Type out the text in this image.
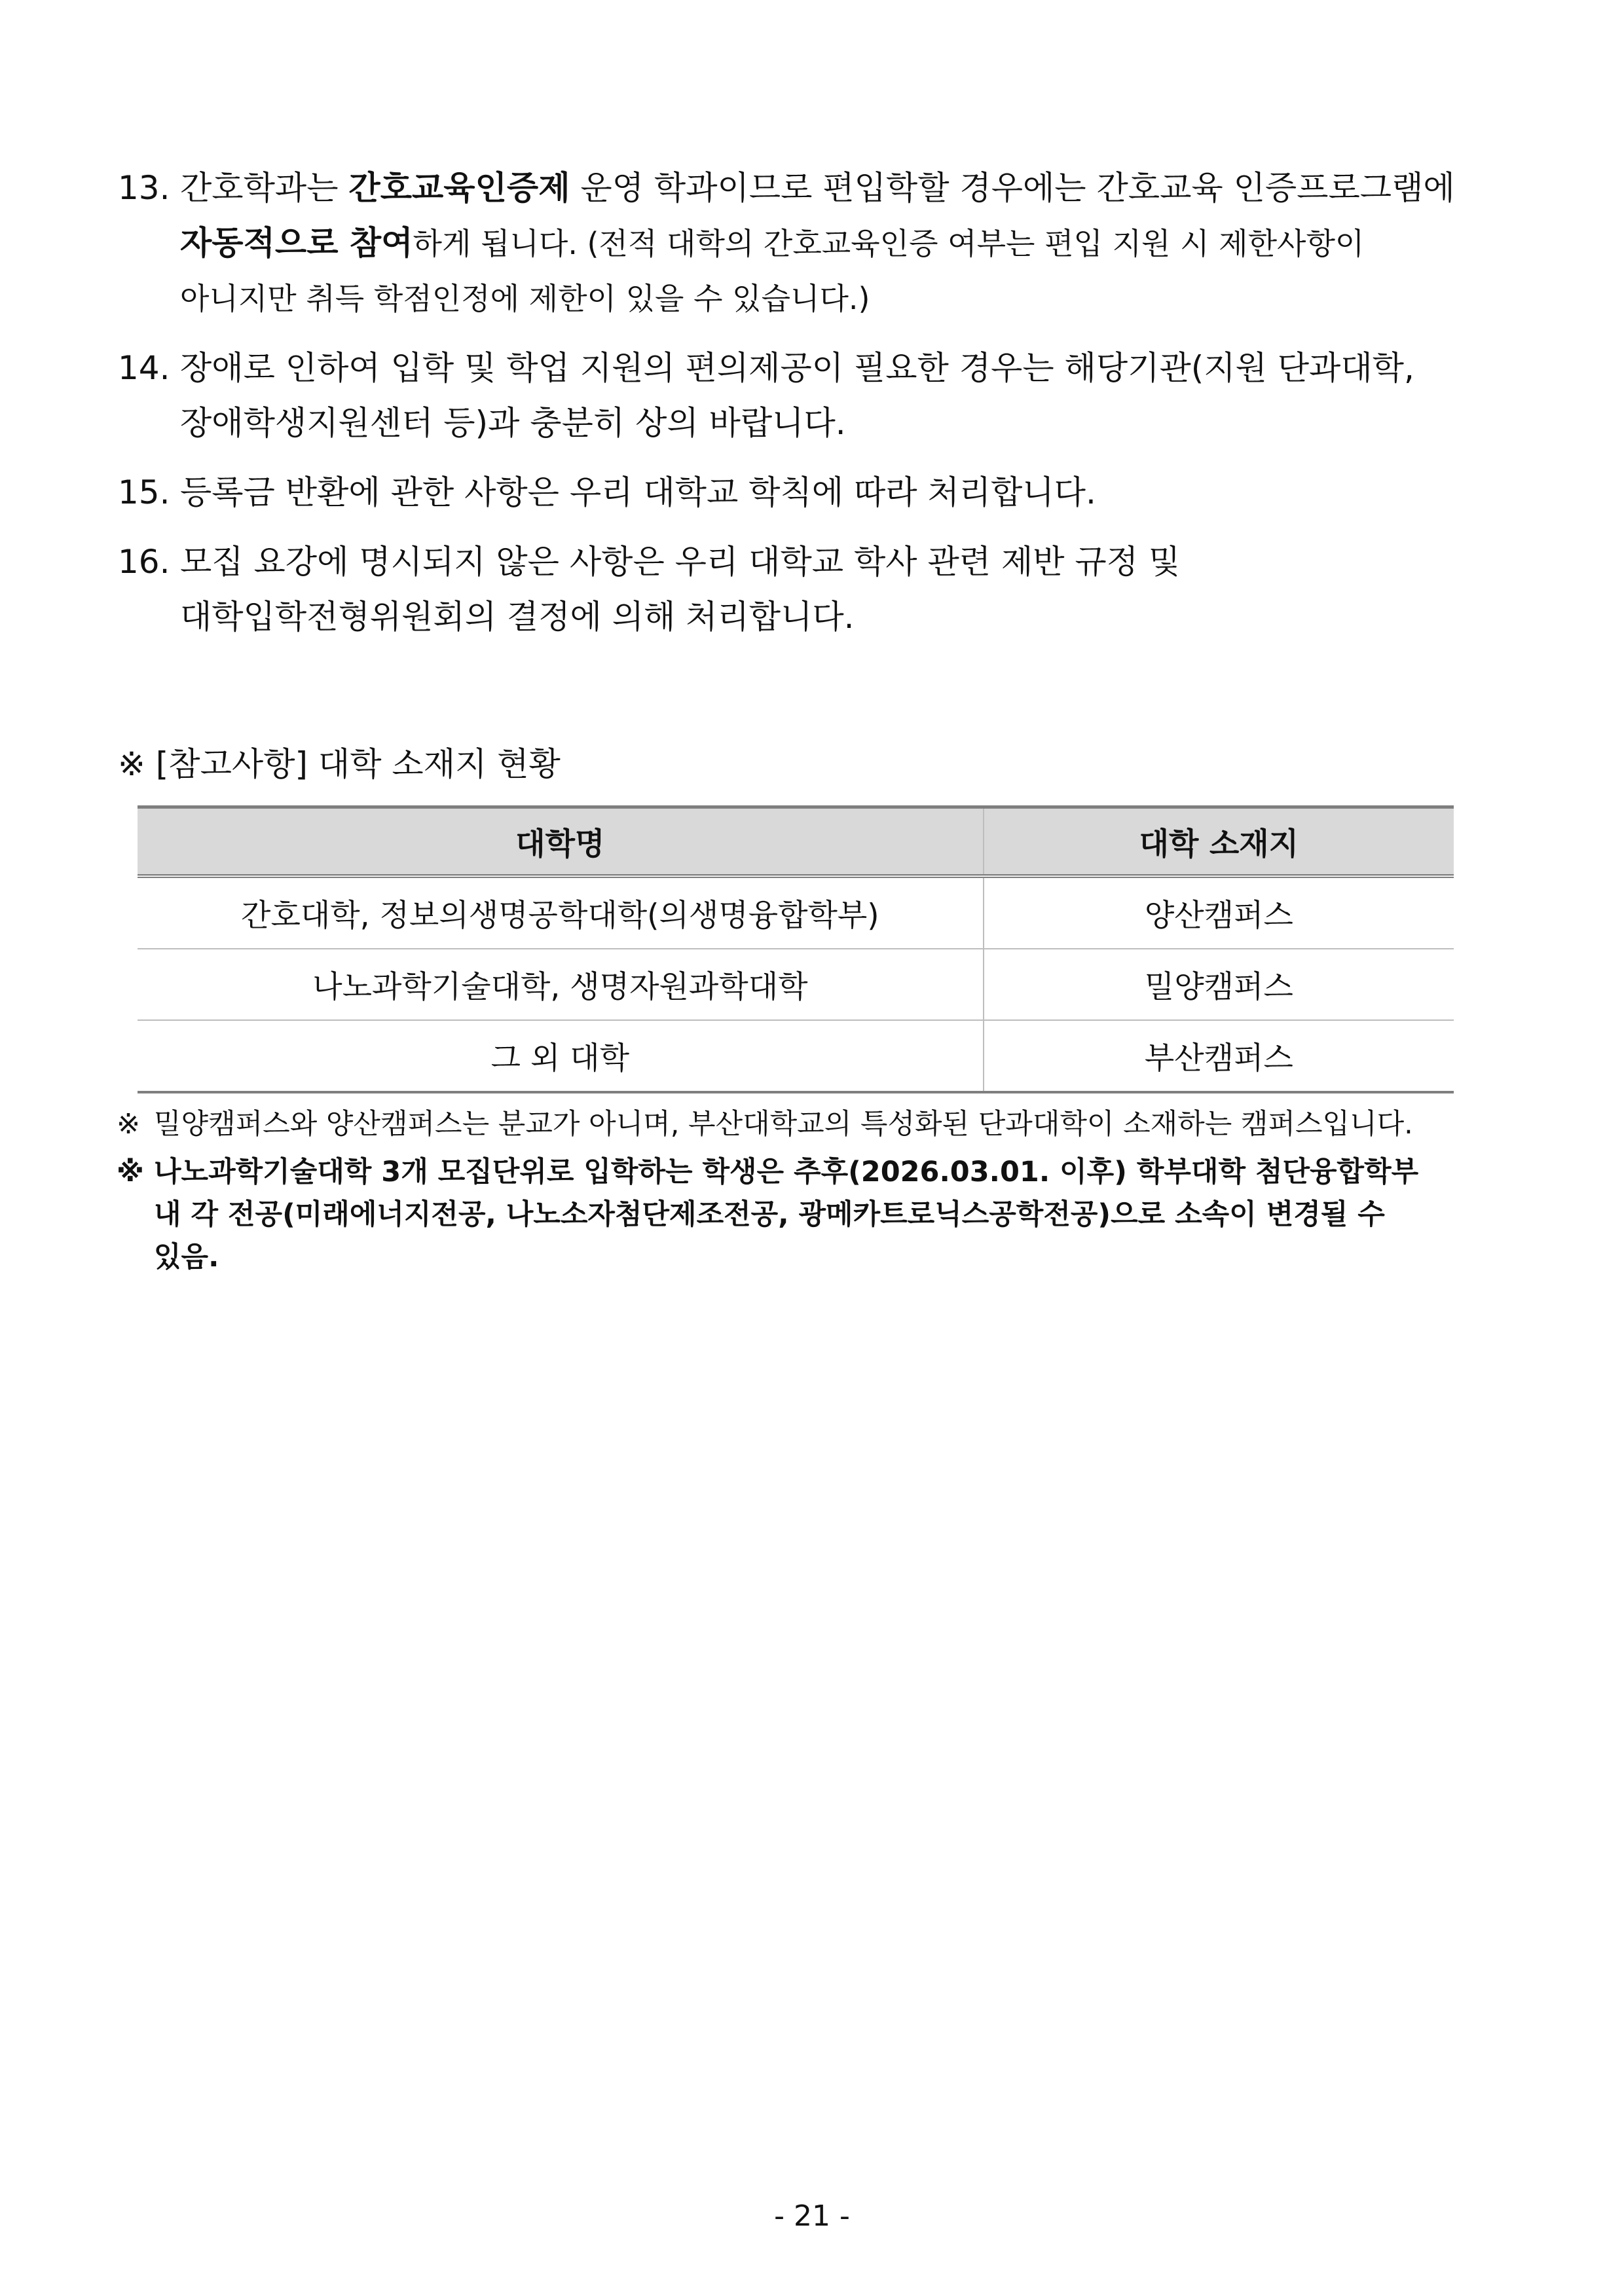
13. 간호학과는 간호교육인증제 운영 학과이므로 편입학할 경우에는 간호교육 인증프로그램에
자동적으로 참여하게 됩니다. (전적 대학의 간호교육인증 여부는 편입 지원 시 제한사항이
아니지만 취득 학점인정에 제한이 있을 수 있습니다.)
14. 장애로 인하여 입학 및 학업 지원의 편의제공이 필요한 경우는 해당기관(지원 단과대학,
장애학생지원센터 등)과 충분히 상의 바랍니다.
15. 등록금 반환에 관한 사항은 우리 대학교 학칙에 따라 처리합니다.
16. 모집 요강에 명시되지 않은 사항은 우리 대학교 학사 관련 제반 규정 및
대학입학전형위원회의 결정에 의해 처리합니다.
※ [참고사항] 대학 소재지 현황
대학명	대학 소재지
간호대학, 정보의생명공학대학(의생명융합학부)	양산캠퍼스
나노과학기술대학, 생명자원과학대학	밀양캠퍼스
그 외 대학	부산캠퍼스
※ 밀양캠퍼스와 양산캠퍼스는 분교가 아니며, 부산대학교의 특성화된 단과대학이 소재하는 캠퍼스입니다.
※ 나노과학기술대학 3개 모집단위로 입학하는 학생은 추후(2026.03.01. 이후) 학부대학 첨단융합학부
내 각 전공(미래에너지전공, 나노소자첨단제조전공, 광메카트로닉스공학전공)으로 소속이 변경될 수
있음.
- 21 -
